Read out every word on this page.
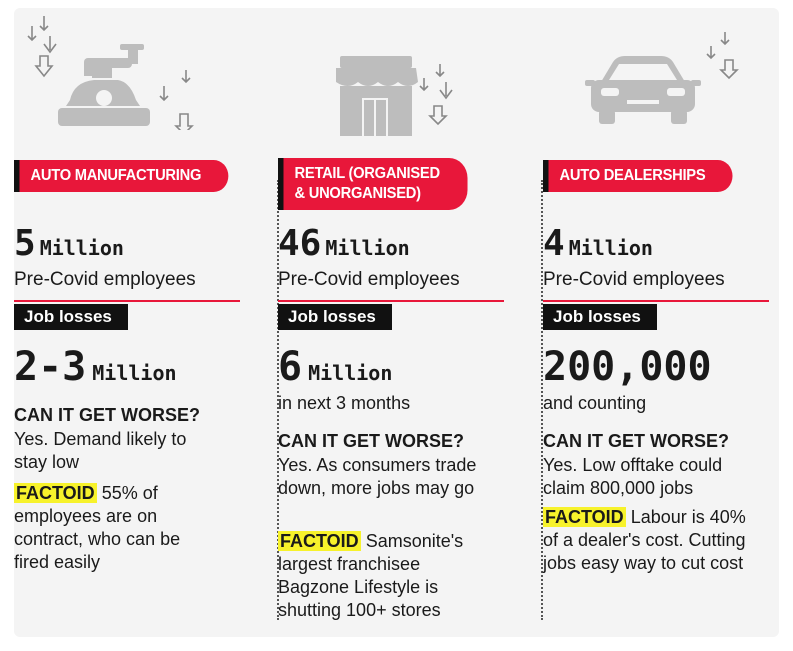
AUTO MANUFACTURING
5 Million
Pre-Covid employees
Job losses
2-3 Million
CAN IT GET WORSE?
Yes. Demand likely to stay low
FACTOID 55% of employees are on contract, who can be fired easily
RETAIL (ORGANISED
& UNORGANISED)
46 Million
Pre-Covid employees
Job losses
6 Million
in next 3 months
CAN IT GET WORSE?
Yes. As consumers trade down, more jobs may go
FACTOID Samsonite's largest franchisee Bagzone Lifestyle is shutting 100+ stores
AUTO DEALERSHIPS
4 Million
Pre-Covid employees
Job losses
200,000
and counting
CAN IT GET WORSE?
Yes. Low offtake could claim 800,000 jobs
FACTOID Labour is 40% of a dealer's cost. Cutting jobs easy way to cut cost
